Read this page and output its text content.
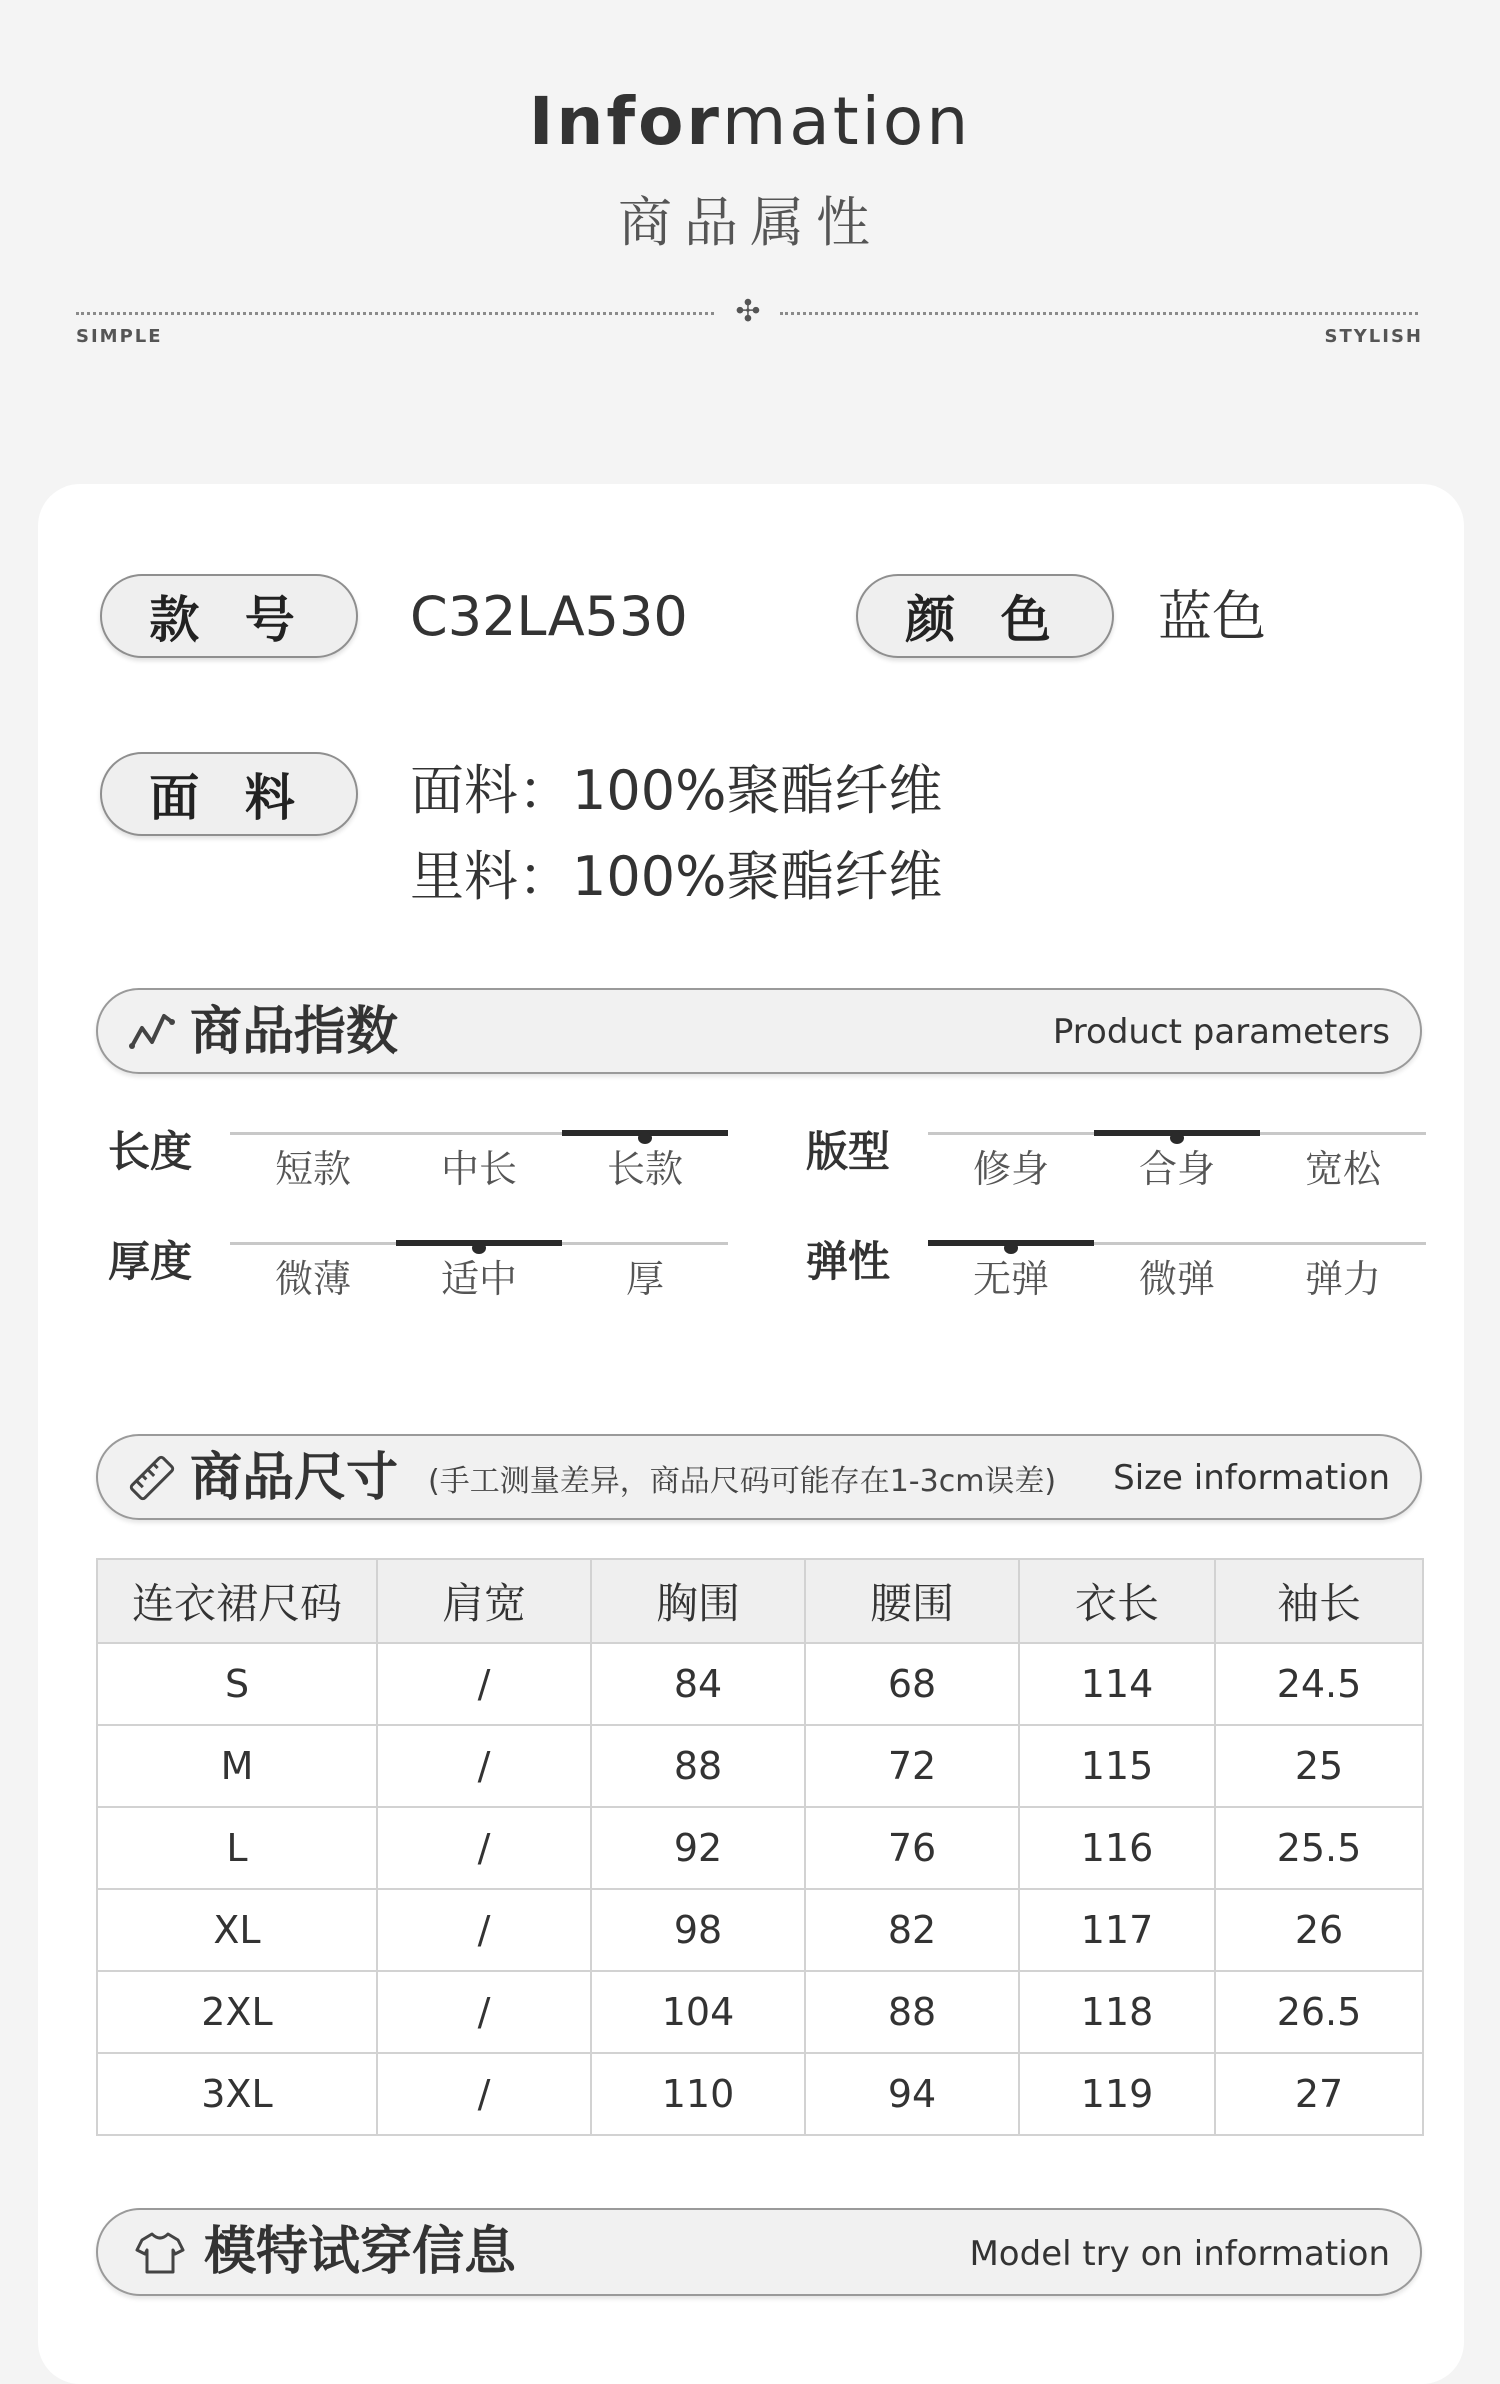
Information
商品属性
✣
SIMPLE	STYLISH
款 号	C32LA530	颜 色	蓝色
面 料	面料：100%聚酯纤维
里料：100%聚酯纤维
商品指数	Product parameters
长度	短款	中长	长款	版型	修身	合身	宽松
厚度	微薄	适中	厚	弹性	无弹	微弹	弹力
商品尺寸 (手工测量差异，商品尺码可能存在1-3cm误差) Size information
连衣裙尺码	肩宽	胸围	腰围	衣长	袖长
S	/	84	68	114	24.5
M	/	88	72	115	25
L	/	92	76	116	25.5
XL	/	98	82	117	26
2XL	/	104	88	118	26.5
3XL	/	110	94	119	27
模特试穿信息	Model try on information
